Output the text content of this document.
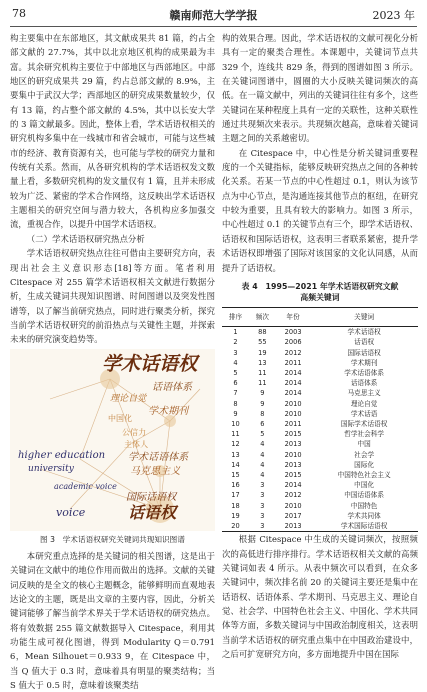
78	赣南师范大学学报	2023 年

构主要集中在东部地区，其文献成果共 81 篇，约占全部文献的 27.7%，其中以北京地区机构的成果最为丰富。其余研究机构主要位于中部地区与西部地区。中部地区的研究成果共 29 篇，约占总部文献的 8.9%，主要集中于武汉大学；西部地区的研究成果数量较少，仅有 13 篇，约占整个部文献的 4.5%，其中以长安大学的 3 篇文献最多。因此，整体上看，学术话语权相关的研究机构多集中在一线城市和省会城市，可能与这些城市的经济、教育资源有关，也可能与学校的研究力量和传统有关系。然而，从各研究机构的学术话语权发文数量上看，多数研究机构的发文量仅有 1 篇，且并未形成较为广泛、紧密的学术合作网络，这反映出学术话语权主题相关的研究空间与潜力较大，各机构应多加强交流，重视合作，以提升中国学术话语权。

（二）学术话语权研究热点分析

学术话语权研究热点往往可借由主要研究方向，表现出社会主义意识形态[18]等方面。笔者利用 Citespace 对 255 篇学术话语权相关文献进行数据分析，生成关键词共现知识图谱、时间图谱以及突发性图谱等，以了解当前研究热点，同时进行聚类分析，探究当前学术话语权研究的前沿热点与关键性主题，并探索未来的研究演变趋势等。

学术话语权
话语体系
理论自觉
学术期刊
中国化
公信力
主体人
higher education
university
学术话语体系
马克思主义
academic voice
国际话语权
voice	话语权
图 3　学术话语权研究关键词共现知识图谱

本研究重点选择的是关键词的相关图谱，这是出于关键词在文献中的地位作用而做出的选择。文献的关键词反映的是全文的核心主题概念，能够鲜明而直观地表达论文的主题，既是出文章的主要内容，因此，分析关键词能够了解当前学术界关于学术话语权的研究热点。将有效数据 255 篇文献数据导入 Citespace，利用其功能生成可视化图谱，得到 Modularity Q＝0.791 6，Mean Silhouet＝0.933 9，在 Citespace 中，当 Q 值大于 0.3 时，意味着具有明显的聚类结构；当 S 值大于 0.5 时，意味着该聚类结

构的效果合理。因此，学术话语权的文献可视化分析具有一定的聚类合理性。本课题中，关键词节点共 329 个，连线共 829 条，得到的图谱如图 3 所示。在关键词图谱中，圆圈的大小反映关键词频次的高低。在一篇文献中，列出的关键词往往有多个，这些关键词在某种程度上具有一定的关联性，这种关联性通过共现频次来表示。共现频次越高，意味着关键词主题之间的关系越密切。

在 Citespace 中，中心性是分析关键词重要程度的一个关键指标，能够反映研究热点之间的各种转化关系。若某一节点的中心性超过 0.1，则认为该节点为中心节点，是沟通连接其他节点的枢纽，在研究中较为重要，且具有较大的影响力。如图 3 所示，中心性超过 0.1 的关键节点有三个，即学术话语权、话语权和国际话语权，这表明三者联系紧密，提升学术话语权即增强了国际对该国家的文化认同感，从而提升了话语权。

表 4　1995—2021 年学术话语权研究文献
高频关键词
排序	频次	年份	关键词
1	88	2003	学术话语权
2	55	2006	话语权
3	19	2012	国际话语权
4	13	2011	学术期刊
5	11	2014	学术话语体系
6	11	2014	话语体系
7	9	2014	马克思主义
8	9	2010	理论自觉
9	8	2010	学术话语
10	6	2011	国际学术话语权
11	5	2015	哲学社会科学
12	4	2013	中国
13	4	2010	社会学
14	4	2013	国际化
15	4	2015	中国特色社会主义
16	3	2014	中国化
17	3	2012	中国话语体系
18	3	2010	中国特色
19	3	2017	学术共同体
20	3	2013	学术国际话语权

根据 Citespace 中生成的关键词频次，按照频次的高低进行排序排行。学术话语权相关文献的高频关键词如表 4 所示。从表中频次可以看到，在众多关键词中，频次排名前 20 的关键词主要还是集中在话语权、话语体系、学术期刊、马克思主义、理论自觉、社会学、中国特色社会主义、中国化、学术共同体等方面，多数关键词与中国政治制度相关，这表明当前学术话语权的研究重点集中在中国政治建设中，之后可扩宽研究方向，多方面地提升中国在国际
